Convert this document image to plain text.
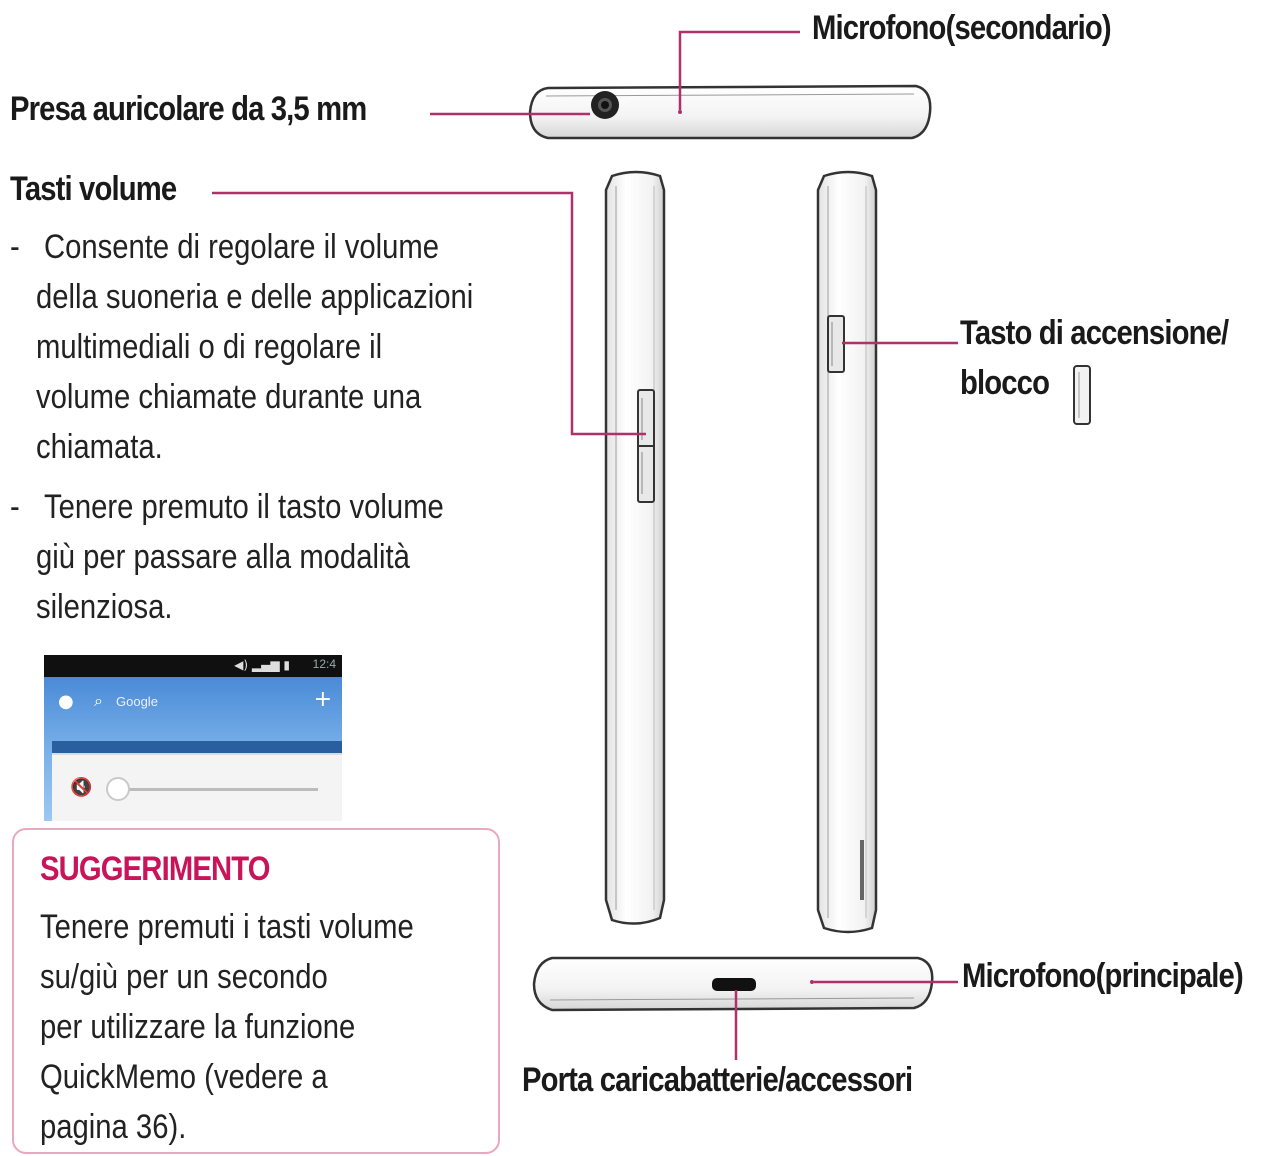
Microfono(secondario)
Presa auricolare da 3,5 mm
Tasti volume
Tasto di accensione/
blocco
Microfono(principale)
Porta caricabatterie/accessori
- Consente di regolare il volume
della suoneria e delle applicazioni
multimediali o di regolare il
volume chiamate durante una
chiamata.
- Tenere premuto il tasto volume
giù per passare alla modalità
silenziosa.
◀) ▂▄▆ ▮ 12:4
● ⌕ Google	+
🔇
SUGGERIMENTO
Tenere premuti i tasti volume
su/giù per un secondo
per utilizzare la funzione
QuickMemo (vedere a
pagina 36).
